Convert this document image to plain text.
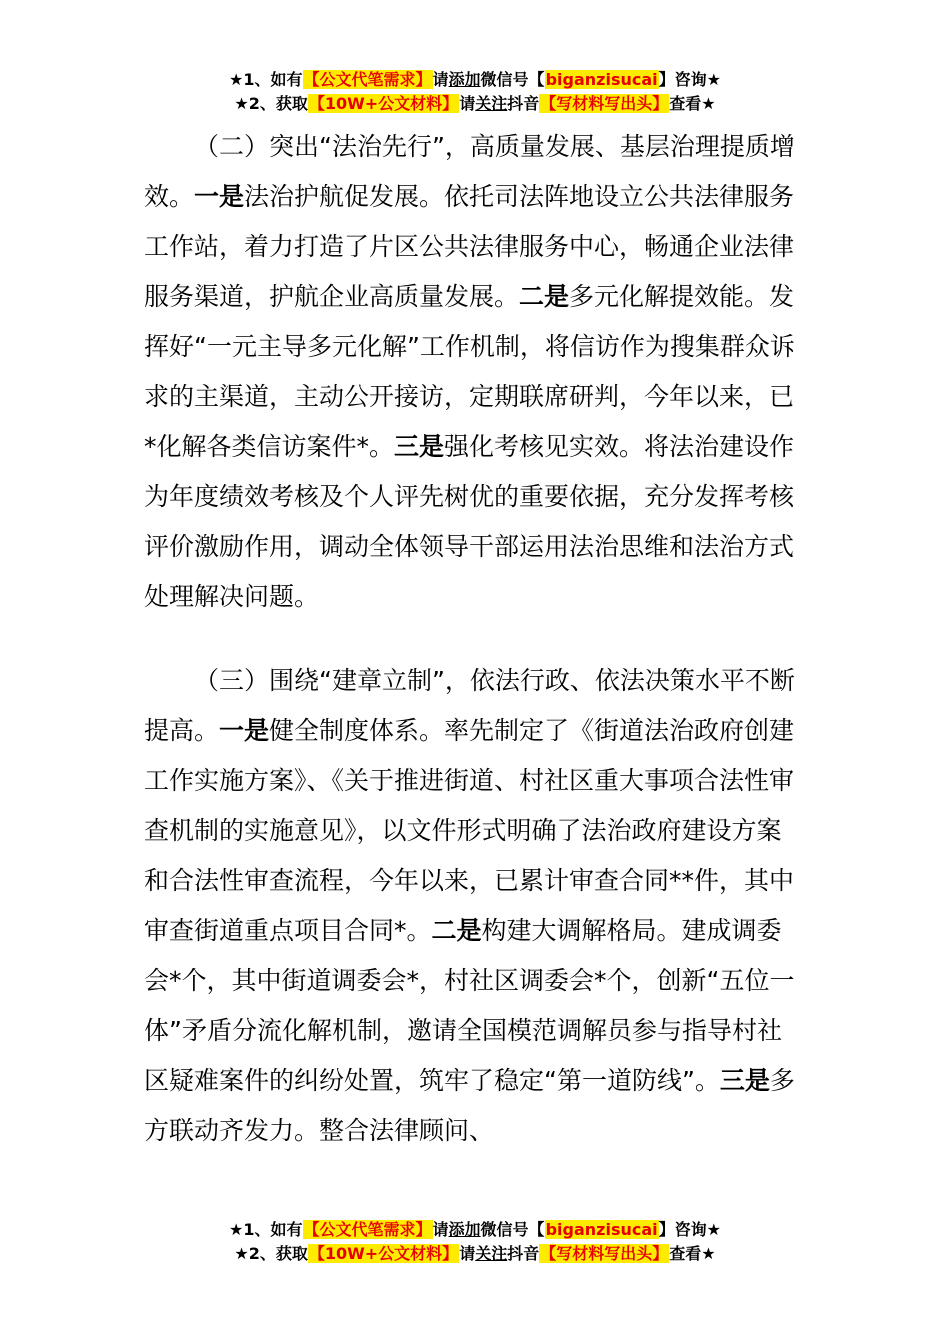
★1、如有【公文代笔需求】请添加微信号【biganzisucai】咨询★
★2、获取【10W+公文材料】请关注抖音【写材料写出头】查看★

（二）突出“法治先行”，高质量发展、基层治理提质增效。一是法治护航促发展。依托司法阵地设立公共法律服务工作站，着力打造了片区公共法律服务中心，畅通企业法律服务渠道，护航企业高质量发展。二是多元化解提效能。发挥好“一元主导多元化解”工作机制，将信访作为搜集群众诉求的主渠道，主动公开接访，定期联席研判，今年以来，已*化解各类信访案件*。三是强化考核见实效。将法治建设作为年度绩效考核及个人评先树优的重要依据，充分发挥考核评价激励作用，调动全体领导干部运用法治思维和法治方式处理解决问题。

（三）围绕“建章立制”，依法行政、依法决策水平不断提高。一是健全制度体系。率先制定了《街道法治政府创建工作实施方案》、《关于推进街道、村社区重大事项合法性审查机制的实施意见》，以文件形式明确了法治政府建设方案和合法性审查流程，今年以来，已累计审查合同**件，其中审查街道重点项目合同*。二是构建大调解格局。建成调委会*个，其中街道调委会*，村社区调委会*个，创新“五位一体”矛盾分流化解机制，邀请全国模范调解员参与指导村社区疑难案件的纠纷处置，筑牢了稳定“第一道防线”。三是多方联动齐发力。整合法律顾问、

★1、如有【公文代笔需求】请添加微信号【biganzisucai】咨询★
★2、获取【10W+公文材料】请关注抖音【写材料写出头】查看★
